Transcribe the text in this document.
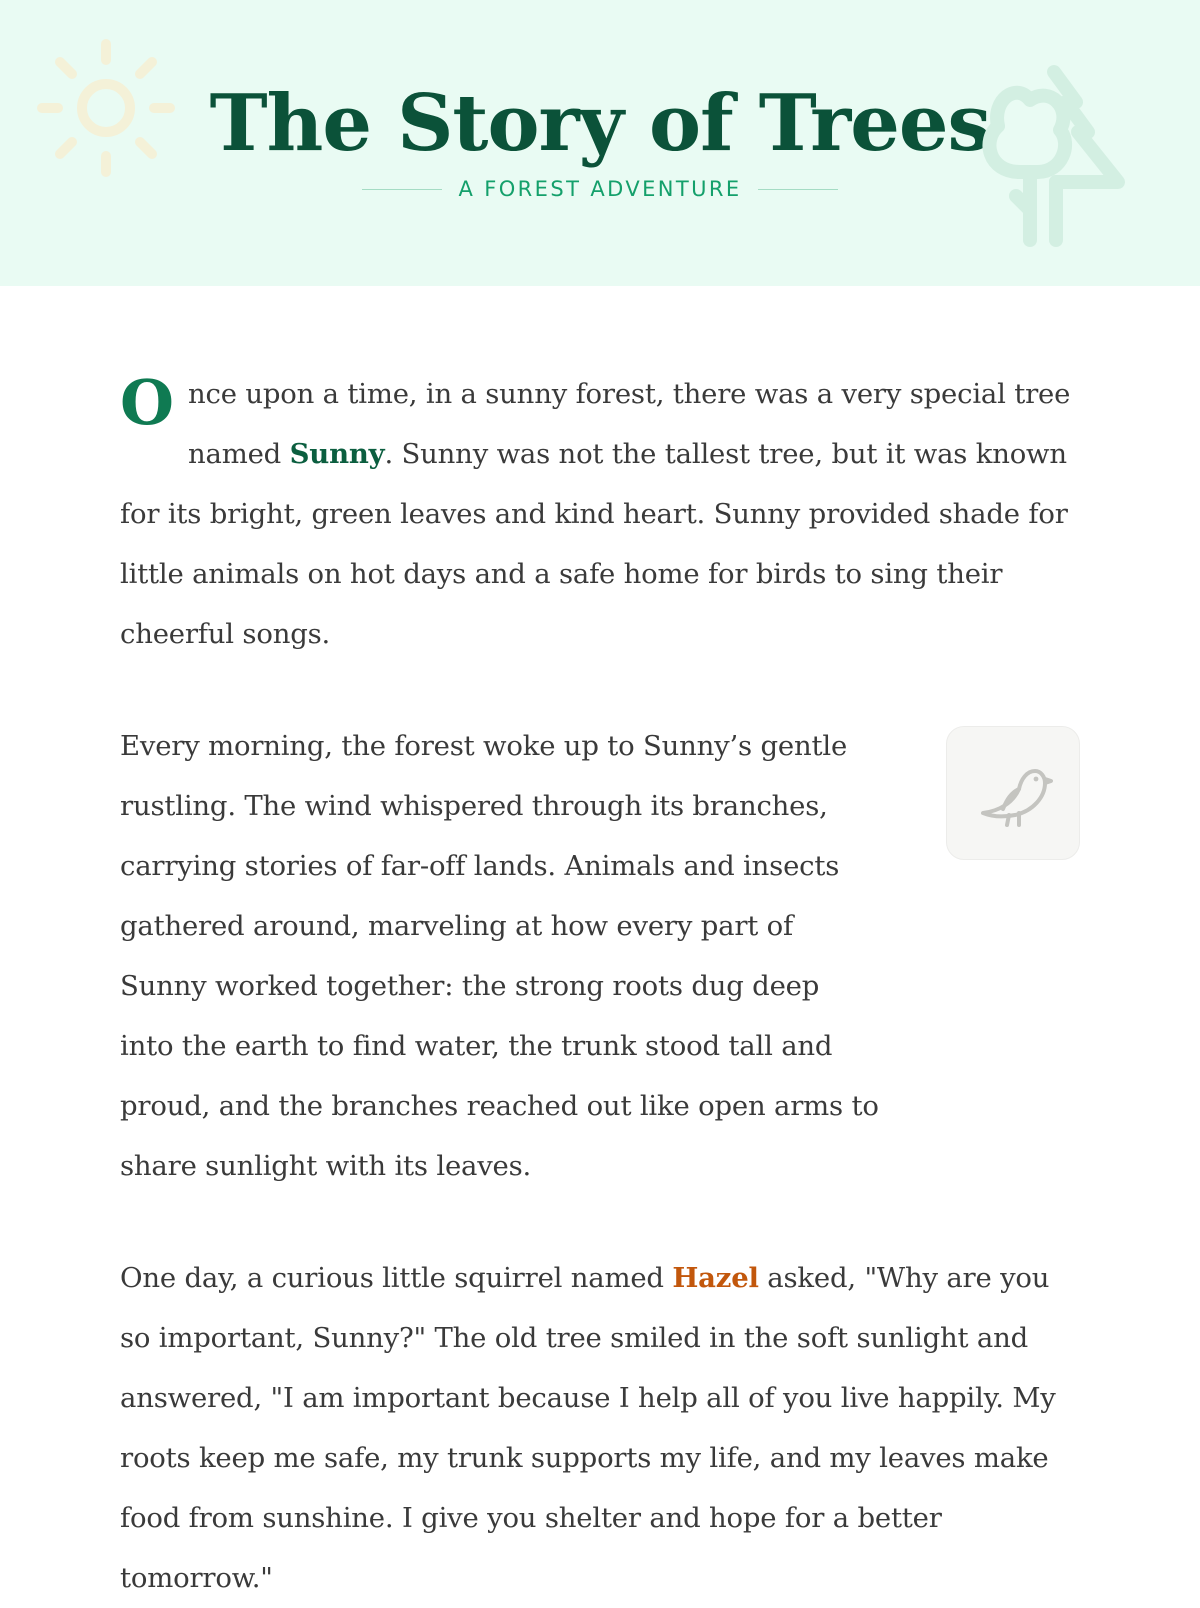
The Story of Trees
A FOREST ADVENTURE

Once upon a time, in a sunny forest, there was a very special tree named Sunny. Sunny was not the tallest tree, but it was known for its bright, green leaves and kind heart. Sunny provided shade for little animals on hot days and a safe home for birds to sing their cheerful songs.

Every morning, the forest woke up to Sunny’s gentle rustling. The wind whispered through its branches, carrying stories of far-off lands. Animals and insects gathered around, marveling at how every part of Sunny worked together: the strong roots dug deep into the earth to find water, the trunk stood tall and proud, and the branches reached out like open arms to share sunlight with its leaves.

One day, a curious little squirrel named Hazel asked, "Why are you so important, Sunny?" The old tree smiled in the soft sunlight and answered, "I am important because I help all of you live happily. My roots keep me safe, my trunk supports my life, and my leaves make food from sunshine. I give you shelter and hope for a better tomorrow."
